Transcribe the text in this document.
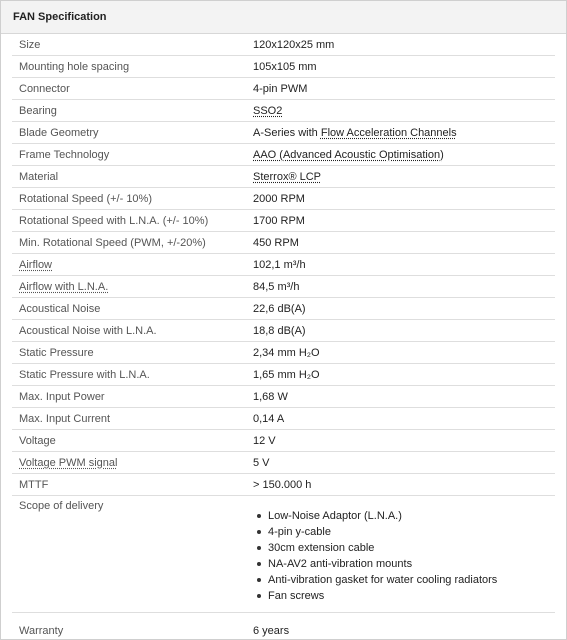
FAN Specification
Size	120x120x25 mm
Mounting hole spacing	105x105 mm
Connector	4-pin PWM
Bearing	SSO2
Blade Geometry	A-Series with Flow Acceleration Channels
Frame Technology	AAO (Advanced Acoustic Optimisation)
Material	Sterrox® LCP
Rotational Speed (+/- 10%)	2000 RPM
Rotational Speed with L.N.A. (+/- 10%)	1700 RPM
Min. Rotational Speed (PWM, +/-20%)	450 RPM
Airflow	102,1 m³/h
Airflow with L.N.A.	84,5 m³/h
Acoustical Noise	22,6 dB(A)
Acoustical Noise with L.N.A.	18,8 dB(A)
Static Pressure	2,34 mm H₂O
Static Pressure with L.N.A.	1,65 mm H₂O
Max. Input Power	1,68 W
Max. Input Current	0,14 A
Voltage	12 V
Voltage PWM signal	5 V
MTTF	> 150.000 h
Scope of delivery
Low-Noise Adaptor (L.N.A.)
4-pin y-cable
30cm extension cable
NA-AV2 anti-vibration mounts
Anti-vibration gasket for water cooling radiators
Fan screws
Warranty	6 years
